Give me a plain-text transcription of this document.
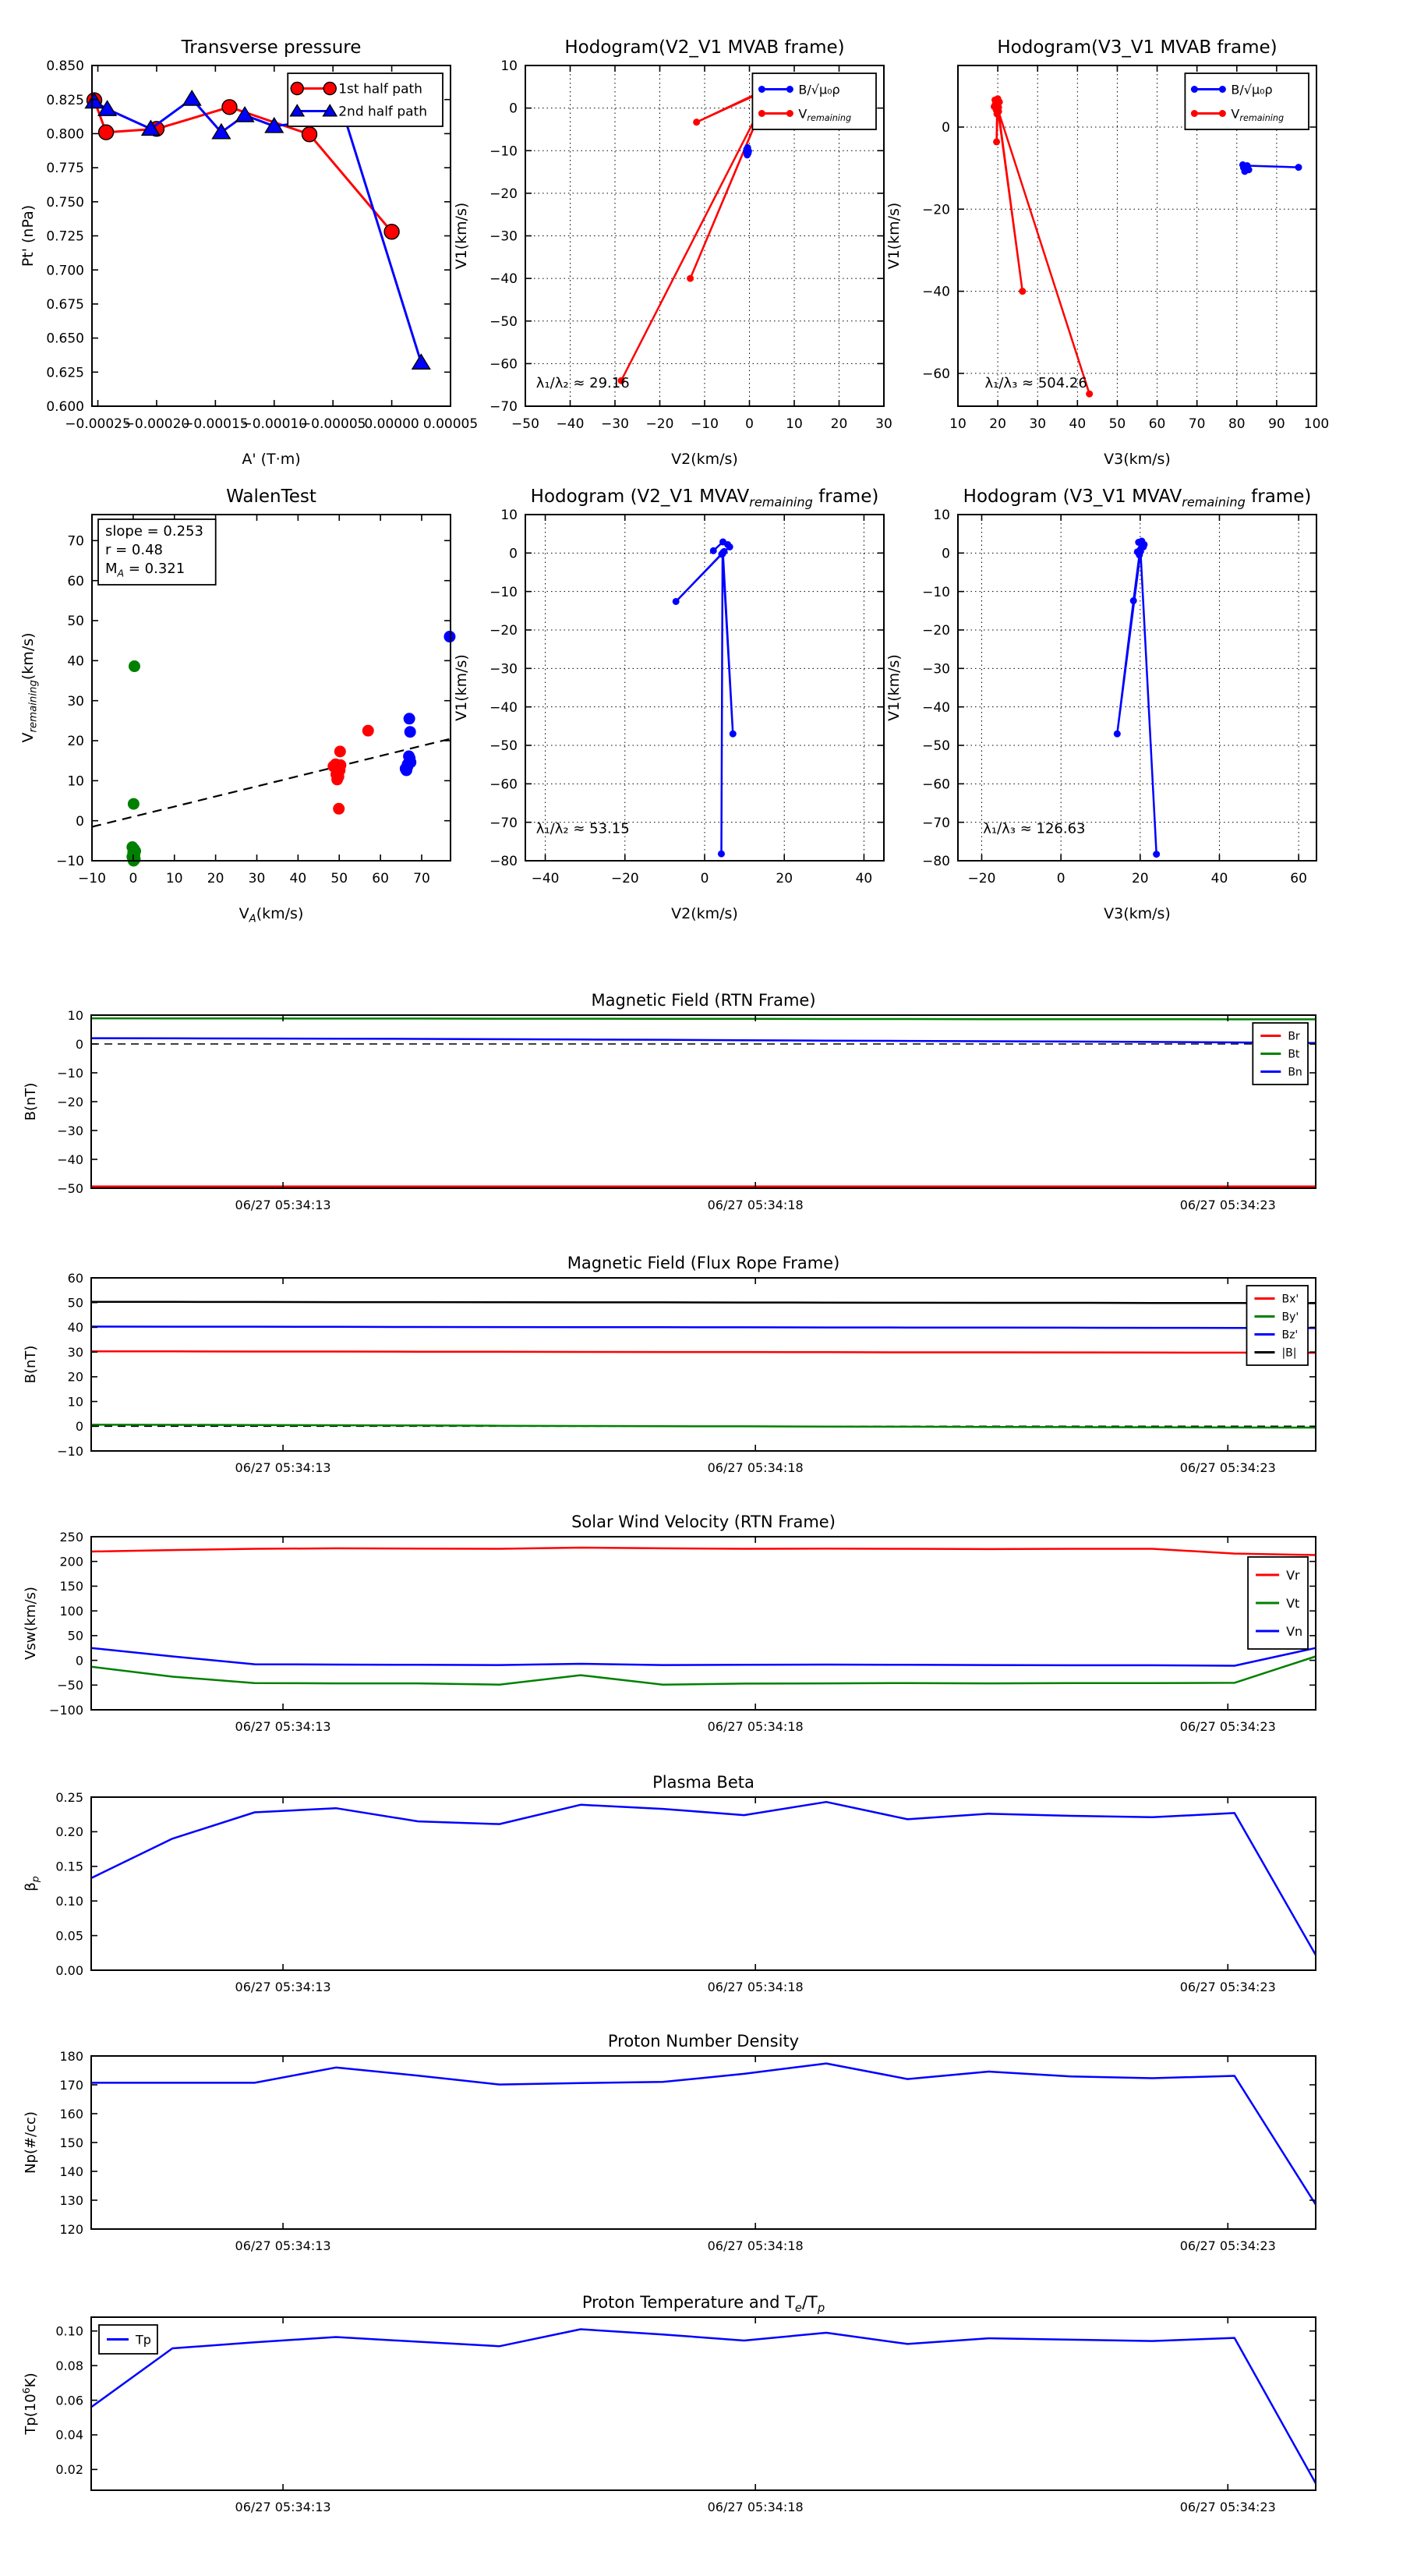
−0.00025
−0.00020
−0.00015
−0.00010
−0.00005
0.00000 0.00005
0.600
0.625
0.650
0.675
0.700
0.725
0.750
0.775
0.800
0.825
0.850
Transverse pressure
A' (T·m)
Pt' (nPa)
1st half path
2nd half path
−50 −40 −30 −20 −10 0 10 20 30
−70
−60
−50
−40
−30
−20
−10
0
10
Hodogram(V2_V1 MVAB frame)
V2(km/s)
V1(km/s)
λ₁/λ₂ ≈ 29.16
B/√μ₀ρ
$V_{remaining}$
10 20 30 40 50 60 70 80 90 100
−60
−40
−20
0
Hodogram(V3_V1 MVAB frame)
V3(km/s)
V1(km/s)
λ₁/λ₃ ≈ 504.26
B/√μ₀ρ
$V_{remaining}$
−10 0 10 20 30 40 50 60 70
−10
0
10
20
30
40
50
60
70
WalenTest
$V_A(km/s)$
$V_{remaining}(km/s)$
slope = 0.253
r = 0.48
$M_A = 0.321$
−40	−20	0	20	40
−80
−70
−60
−50
−40
−30
−20
−10
0
10
Hodogram (V2_V1 $MVAV_{remaining}$ frame)
V2(km/s)
V1(km/s)
λ₁/λ₂ ≈ 53.15
−20	0	20	40	60
−80
−70
−60
−50
−40
−30
−20
−10
0
10
Hodogram (V3_V1 $MVAV_{remaining}$ frame)
V3(km/s)
V1(km/s)
λ₁/λ₃ ≈ 126.63
06/27 05:34:13	06/27 05:34:18	06/27 05:34:23
−50
−40
−30
−20
−10
0
10
Magnetic Field (RTN Frame)
B(nT)
Br
Bt
Bn
06/27 05:34:13	06/27 05:34:18	06/27 05:34:23
−10
0
10
20
30
40
50
60
Magnetic Field (Flux Rope Frame)
B(nT)
Bx'
By'
Bz'
|B|
06/27 05:34:13	06/27 05:34:18	06/27 05:34:23
−100
−50
0
50
100
150
200
250
Solar Wind Velocity (RTN Frame)
Vsw(km/s)
Vr
Vt
Vn
06/27 05:34:13	06/27 05:34:18	06/27 05:34:23
0.00
0.05
0.10
0.15
0.20
0.25
Plasma Beta
$\beta_p$
06/27 05:34:13	06/27 05:34:18	06/27 05:34:23
120
130
140
150
160
170
180
Proton Number Density
Np(#/cc)
06/27 05:34:13	06/27 05:34:18	06/27 05:34:23
0.02
0.04
0.06
0.08
0.10
Proton Temperature and $T_e/T_p$
$Tp(10^6K)$
Tp
